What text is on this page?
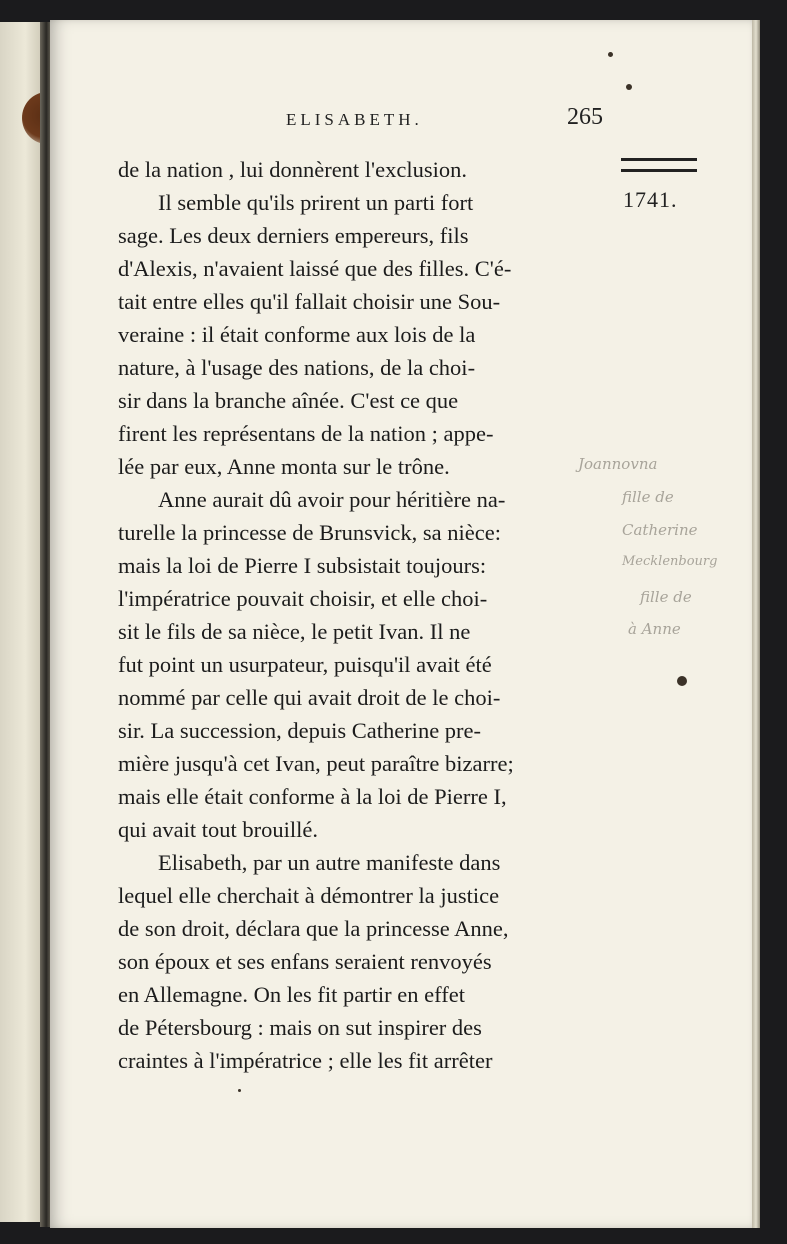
ELISABETH.	265
1741.
de la nation , lui donnèrent l'exclusion.
Il semble qu'ils prirent un parti fort
sage. Les deux derniers empereurs, fils
d'Alexis, n'avaient laissé que des filles. C'é-
tait entre elles qu'il fallait choisir une Sou-
veraine : il était conforme aux lois de la
nature, à l'usage des nations, de la choi-
sir dans la branche aînée. C'est ce que
firent les représentans de la nation ; appe-
lée par eux, Anne monta sur le trône.
Anne aurait dû avoir pour héritière na-
turelle la princesse de Brunsvick, sa nièce:
mais la loi de Pierre I subsistait toujours:
l'impératrice pouvait choisir, et elle choi-
sit le fils de sa nièce, le petit Ivan. Il ne
fut point un usurpateur, puisqu'il avait été
nommé par celle qui avait droit de le choi-
sir. La succession, depuis Catherine pre-
mière jusqu'à cet Ivan, peut paraître bizarre;
mais elle était conforme à la loi de Pierre I,
qui avait tout brouillé.
Elisabeth, par un autre manifeste dans
lequel elle cherchait à démontrer la justice
de son droit, déclara que la princesse Anne,
son époux et ses enfans seraient renvoyés
en Allemagne. On les fit partir en effet
de Pétersbourg : mais on sut inspirer des
craintes à l'impératrice ; elle les fit arrêter
Joannovna
fille de
Catherine
Mecklenbourg
fille de
à Anne
